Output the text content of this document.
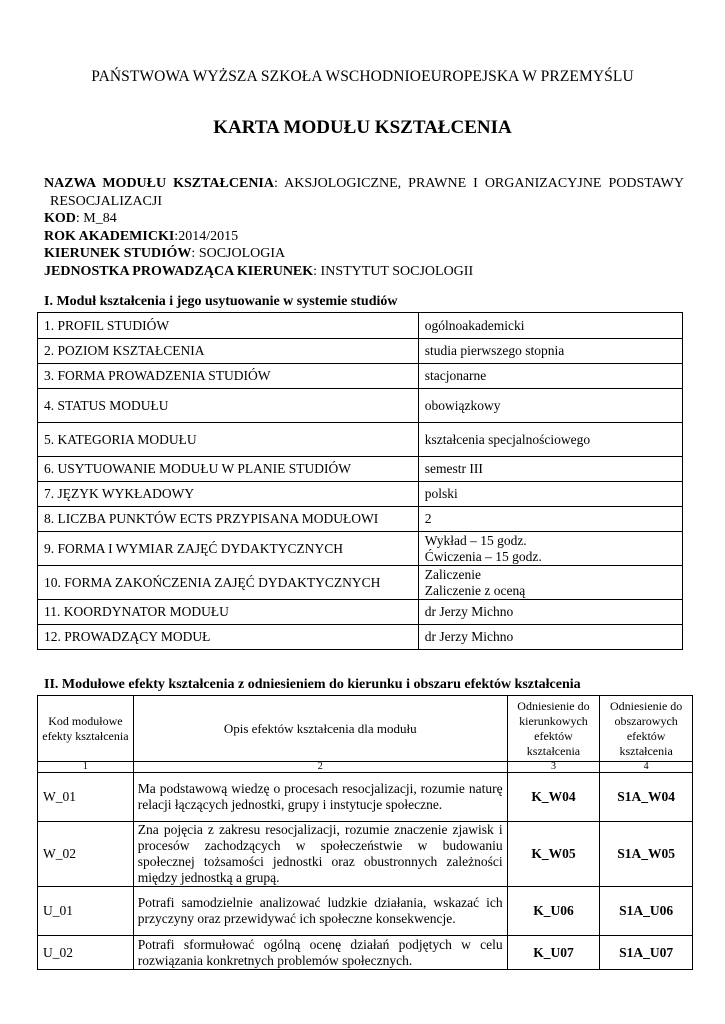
PAŃSTWOWA WYŻSZA SZKOŁA WSCHODNIOEUROPEJSKA W PRZEMYŚLU
KARTA MODUŁU KSZTAŁCENIA
NAZWA MODUŁU KSZTAŁCENIA: AKSJOLOGICZNE, PRAWNE I ORGANIZACYJNE PODSTAWY
RESOCJALIZACJI
KOD: M_84
ROK AKADEMICKI:2014/2015
KIERUNEK STUDIÓW: SOCJOLOGIA
JEDNOSTKA PROWADZĄCA KIERUNEK: INSTYTUT SOCJOLOGII
I. Moduł kształcenia i jego usytuowanie w systemie studiów
1. PROFIL STUDIÓW	ogólnoakademicki
2. POZIOM KSZTAŁCENIA	studia pierwszego stopnia
3. FORMA PROWADZENIA STUDIÓW	stacjonarne
4. STATUS MODUŁU	obowiązkowy
5. KATEGORIA MODUŁU	kształcenia specjalnościowego
6. USYTUOWANIE MODUŁU W PLANIE STUDIÓW	semestr III
7. JĘZYK WYKŁADOWY	polski
8. LICZBA PUNKTÓW ECTS PRZYPISANA MODUŁOWI	2
9. FORMA I WYMIAR ZAJĘĆ DYDAKTYCZNYCH	Wykład – 15 godz.
Ćwiczenia – 15 godz.

10. FORMA ZAKOŃCZENIA ZAJĘĆ DYDAKTYCZNYCH	Zaliczenie
Zaliczenie z oceną

11. KOORDYNATOR MODUŁU	dr Jerzy Michno
12. PROWADZĄCY MODUŁ	dr Jerzy Michno
II. Modułowe efekty kształcenia z odniesieniem do kierunku i obszaru efektów kształcenia
Kod modułowe efekty kształcenia	Opis efektów kształcenia dla modułu	Odniesienie do kierunkowych efektów kształcenia	Odniesienie do obszarowych efektów kształcenia
1	2	3	4
W_01	Ma podstawową wiedzę o procesach resocjalizacji, rozumie naturę relacji łączących jednostki, grupy i instytucje społeczne.	K_W04	S1A_W04
W_02	Zna pojęcia z zakresu resocjalizacji, rozumie znaczenie zjawisk i procesów zachodzących w społeczeństwie w budowaniu społecznej tożsamości jednostki oraz obustronnych zależności między jednostką a grupą.	K_W05	S1A_W05
U_01	Potrafi samodzielnie analizować ludzkie działania, wskazać ich przyczyny oraz przewidywać ich społeczne konsekwencje.	K_U06	S1A_U06
U_02	Potrafi sformułować ogólną ocenę działań podjętych w celu rozwiązania konkretnych problemów społecznych.	K_U07	S1A_U07
